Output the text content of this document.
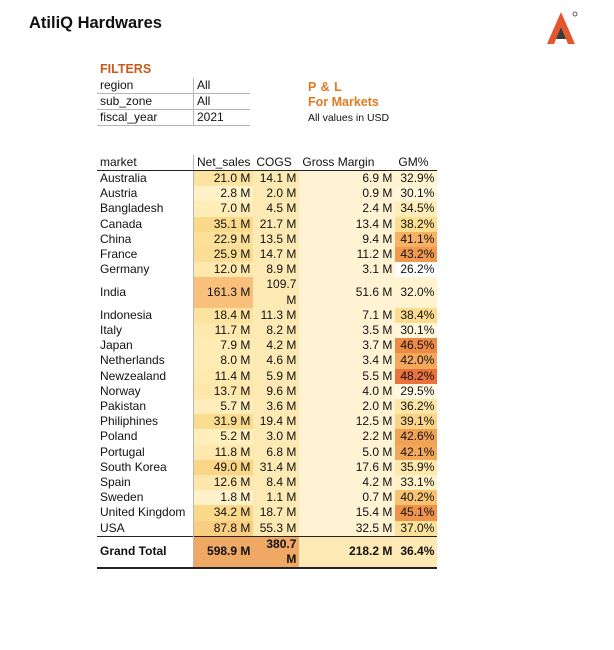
AtiliQ Hardwares
FILTERS
region	All
sub_zone	All
fiscal_year	2021
P & L
For Markets
All values in USD
market	Net_sales	COGS	Gross Margin	GM%
Australia	21.0 M	14.1 M	6.9 M	32.9%
Austria	2.8 M	2.0 M	0.9 M	30.1%
Bangladesh	7.0 M	4.5 M	2.4 M	34.5%
Canada	35.1 M	21.7 M	13.4 M	38.2%
China	22.9 M	13.5 M	9.4 M	41.1%
France	25.9 M	14.7 M	11.2 M	43.2%
Germany	12.0 M	8.9 M	3.1 M	26.2%
India	161.3 M	109.7 M	51.6 M	32.0%
Indonesia	18.4 M	11.3 M	7.1 M	38.4%
Italy	11.7 M	8.2 M	3.5 M	30.1%
Japan	7.9 M	4.2 M	3.7 M	46.5%
Netherlands	8.0 M	4.6 M	3.4 M	42.0%
Newzealand	11.4 M	5.9 M	5.5 M	48.2%
Norway	13.7 M	9.6 M	4.0 M	29.5%
Pakistan	5.7 M	3.6 M	2.0 M	36.2%
Philiphines	31.9 M	19.4 M	12.5 M	39.1%
Poland	5.2 M	3.0 M	2.2 M	42.6%
Portugal	11.8 M	6.8 M	5.0 M	42.1%
South Korea	49.0 M	31.4 M	17.6 M	35.9%
Spain	12.6 M	8.4 M	4.2 M	33.1%
Sweden	1.8 M	1.1 M	0.7 M	40.2%
United Kingdom	34.2 M	18.7 M	15.4 M	45.1%
USA	87.8 M	55.3 M	32.5 M	37.0%
Grand Total	598.9 M	380.7 M	218.2 M	36.4%
